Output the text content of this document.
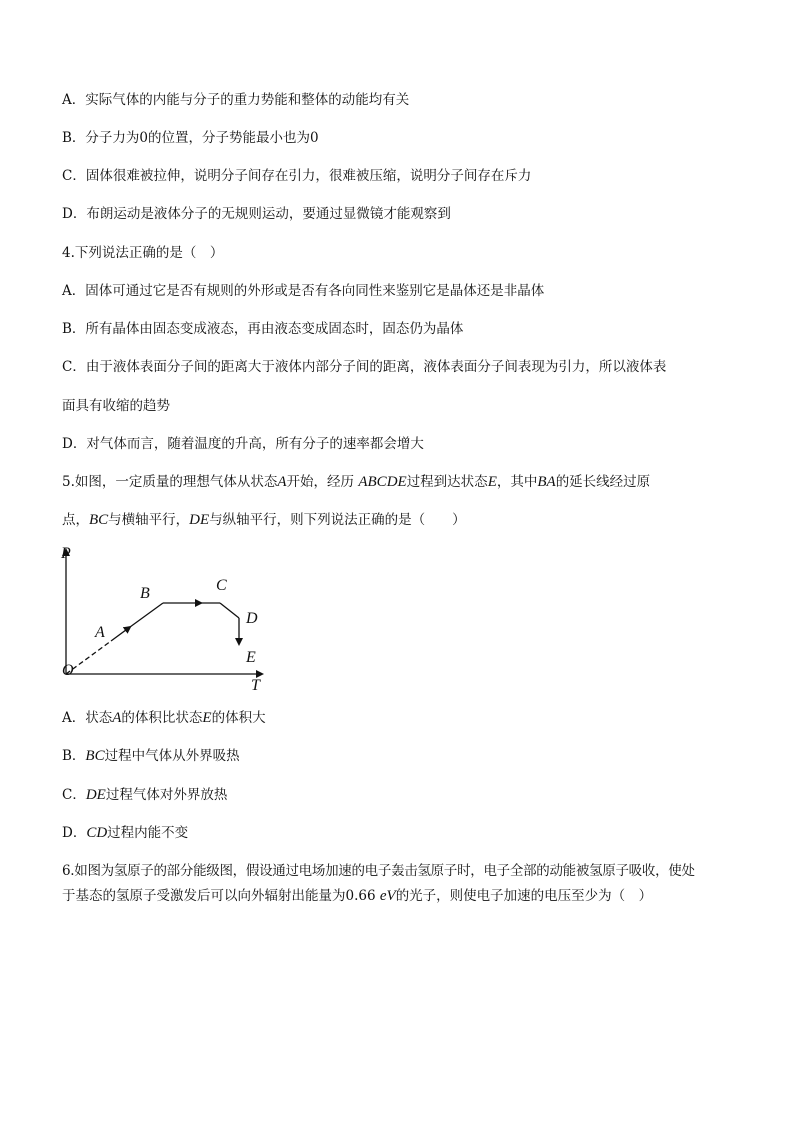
A．实际气体的内能与分子的重力势能和整体的动能均有关
B．分子力为0的位置，分子势能最小也为0
C．固体很难被拉伸，说明分子间存在引力，很难被压缩，说明分子间存在斥力
D．布朗运动是液体分子的无规则运动，要通过显微镜才能观察到
4.下列说法正确的是（　）
A．固体可通过它是否有规则的外形或是否有各向同性来鉴别它是晶体还是非晶体
B．所有晶体由固态变成液态，再由液态变成固态时，固态仍为晶体
C．由于液体表面分子间的距离大于液体内部分子间的距离，液体表面分子间表现为引力，所以液体表
面具有收缩的趋势
D．对气体而言，随着温度的升高，所有分子的速率都会增大
5.如图，一定质量的理想气体从状态A开始，经历 ABCDE过程到达状态E，其中BA的延长线经过原
点，BC与横轴平行，DE与纵轴平行，则下列说法正确的是（　　）
P
T
O
A
B	C
D
E
A．状态A的体积比状态E的体积大
B．BC过程中气体从外界吸热
C．DE过程气体对外界放热
D．CD过程内能不变
6.如图为氢原子的部分能级图，假设通过电场加速的电子轰击氢原子时，电子全部的动能被氢原子吸收，使处
于基态的氢原子受激发后可以向外辐射出能量为0.66 eV的光子，则使电子加速的电压至少为（　）
